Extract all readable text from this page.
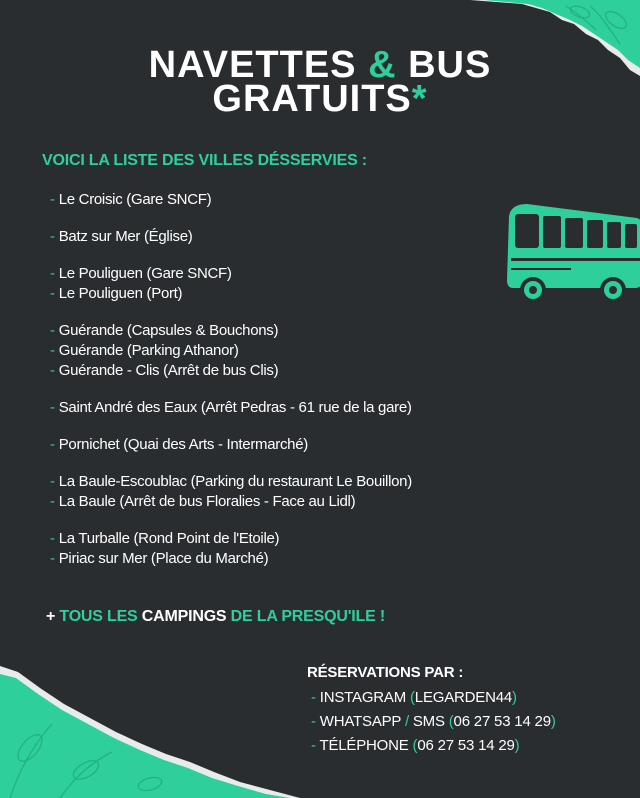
NAVETTES & BUS
GRATUITS*
VOICI LA LISTE DES VILLES DÉSSERVIES :
- Le Croisic (Gare SNCF)
- Batz sur Mer (Église)
- Le Pouliguen (Gare SNCF)
- Le Pouliguen (Port)
- Guérande (Capsules & Bouchons)
- Guérande (Parking Athanor)
- Guérande - Clis (Arrêt de bus Clis)
- Saint André des Eaux (Arrêt Pedras - 61 rue de la gare)
- Pornichet (Quai des Arts - Intermarché)
- La Baule-Escoublac (Parking du restaurant Le Bouillon)
- La Baule (Arrêt de bus Floralies - Face au Lidl)
- La Turballe (Rond Point de l'Etoile)
- Piriac sur Mer (Place du Marché)
+ TOUS LES CAMPINGS DE LA PRESQU'ILE !
RÉSERVATIONS PAR :
- INSTAGRAM (LEGARDEN44)
- WHATSAPP / SMS (06 27 53 14 29)
- TÉLÉPHONE (06 27 53 14 29)
